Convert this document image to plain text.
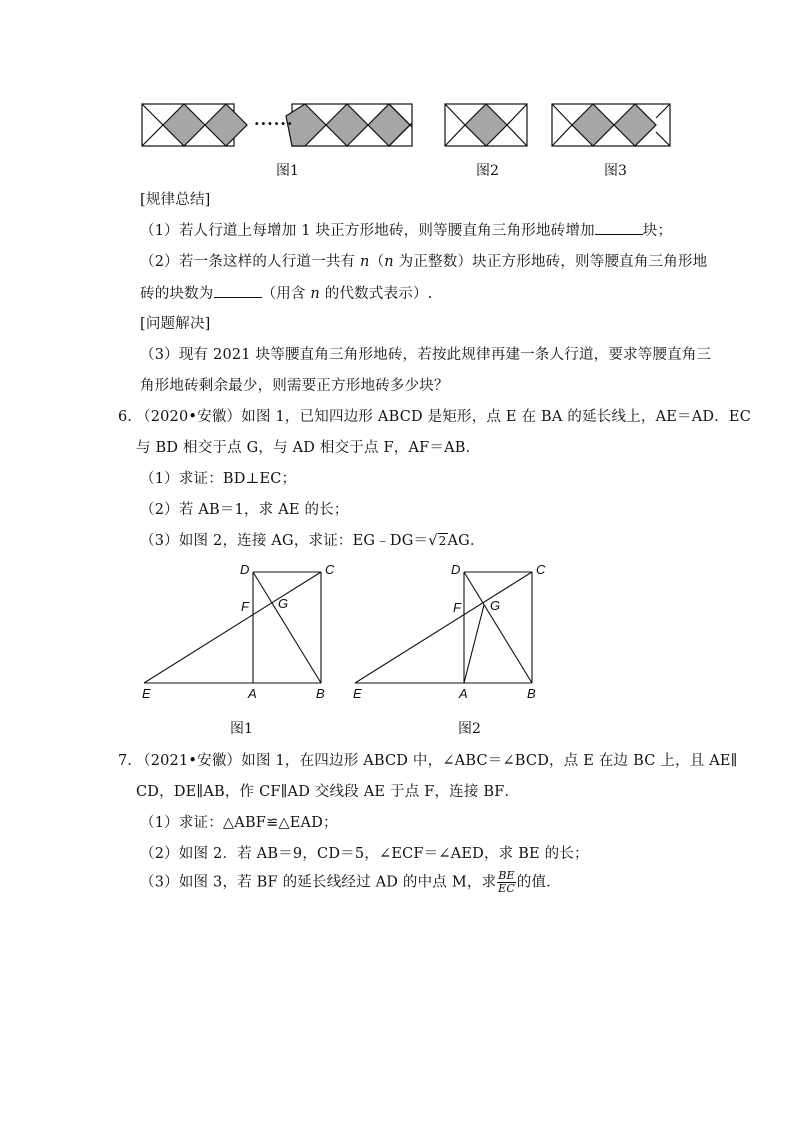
......
图1	图2	图3
[规律总结]
（1）若人行道上每增加 1 块正方形地砖，则等腰直角三角形地砖增加	块；
（2）若一条这样的人行道一共有 n（n 为正整数）块正方形地砖，则等腰直角三角形地
砖的块数为	（用含 n 的代数式表示）.
[问题解决]
（3）现有 2021 块等腰直角三角形地砖，若按此规律再建一条人行道，要求等腰直角三
角形地砖剩余最少，则需要正方形地砖多少块？
6．
（2020•安徽）如图 1，已知四边形 ABCD 是矩形，点 E 在 BA 的延长线上，AE＝AD．EC
与 BD 相交于点 G，与 AD 相交于点 F，AF＝AB．
（1）求证：BD⊥EC；
（2）若 AB＝1，求 AE 的长；
（3）如图 2，连接 AG，求证：EG﹣DG＝√2AG．
D	C
F G
E	A	B
D	C
F G
E	A	B
图1	图2
7．
（2021•安徽）如图 1，在四边形 ABCD 中，∠ABC＝∠BCD，点 E 在边 BC 上，且 AE∥
CD，DE∥AB，作 CF∥AD 交线段 AE 于点 F，连接 BF．
（1）求证：△ABF≌△EAD；
（2）如图 2．若 AB＝9，CD＝5，∠ECF＝∠AED，求 BE 的长；
（3）如图 3，若 BF 的延长线经过 AD 的中点 M，求 $\frac{BE}{EC}$ 的值．
